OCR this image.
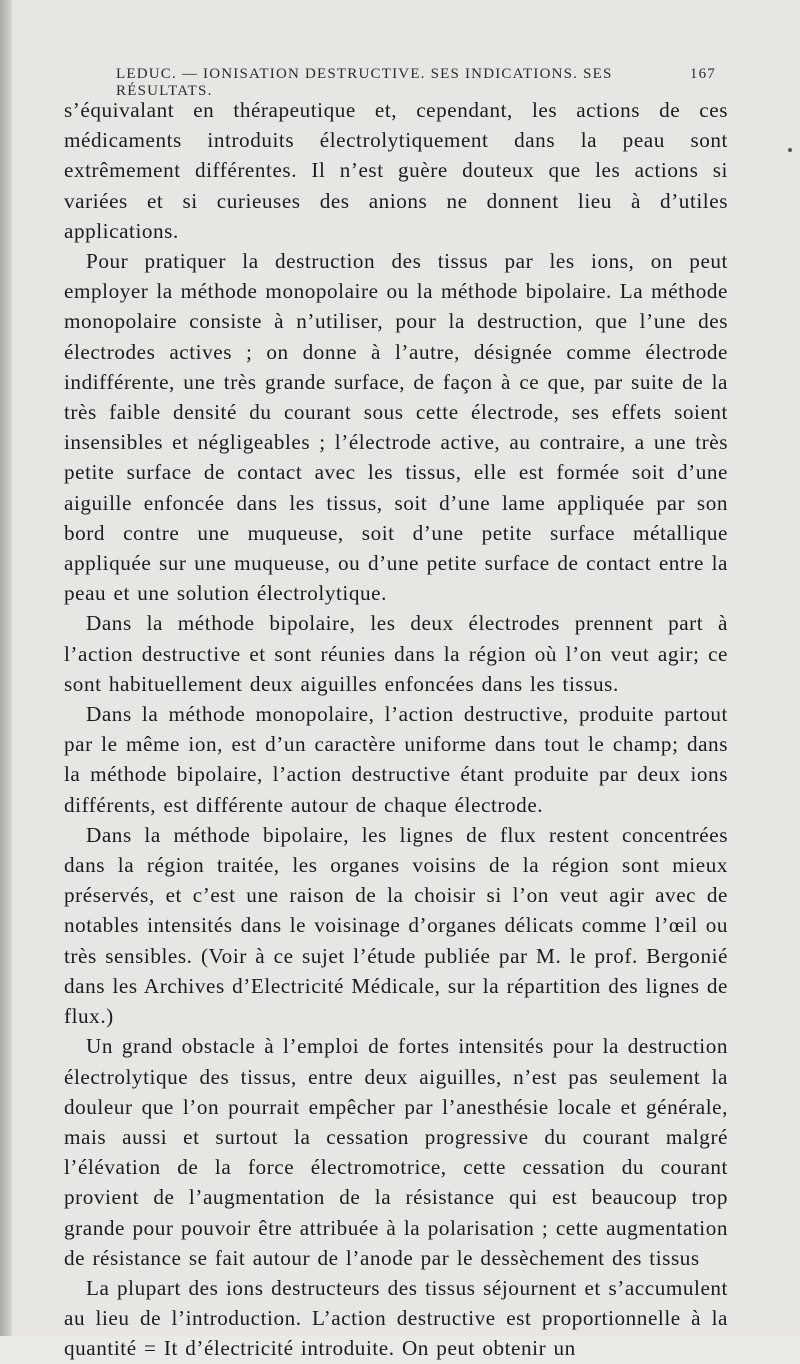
LEDUC. — IONISATION DESTRUCTIVE. SES INDICATIONS. SES RÉSULTATS.
167

s’équivalant en thérapeutique et, cependant, les actions de ces médicaments introduits électrolytiquement dans la peau sont extrêmement différentes. Il n’est guère douteux que les actions si variées et si curieuses des anions ne donnent lieu à d’utiles applications.

Pour pratiquer la destruction des tissus par les ions, on peut employer la méthode monopolaire ou la méthode bipolaire. La méthode monopolaire consiste à n’utiliser, pour la destruction, que l’une des électrodes actives ; on donne à l’autre, désignée comme électrode indifférente, une très grande surface, de façon à ce que, par suite de la très faible densité du courant sous cette électrode, ses effets soient insensibles et négligeables ; l’électrode active, au contraire, a une très petite surface de contact avec les tissus, elle est formée soit d’une aiguille enfoncée dans les tissus, soit d’une lame appliquée par son bord contre une muqueuse, soit d’une petite surface métallique appliquée sur une muqueuse, ou d’une petite surface de contact entre la peau et une solution électrolytique.

Dans la méthode bipolaire, les deux électrodes prennent part à l’action destructive et sont réunies dans la région où l’on veut agir; ce sont habituellement deux aiguilles enfoncées dans les tissus.

Dans la méthode monopolaire, l’action destructive, produite partout par le même ion, est d’un caractère uniforme dans tout le champ; dans la méthode bipolaire, l’action destructive étant produite par deux ions différents, est différente autour de chaque électrode.

Dans la méthode bipolaire, les lignes de flux restent concentrées dans la région traitée, les organes voisins de la région sont mieux préservés, et c’est une raison de la choisir si l’on veut agir avec de notables intensités dans le voisinage d’organes délicats comme l’œil ou très sensibles. (Voir à ce sujet l’étude publiée par M. le prof. Bergonié dans les Archives d’Electricité Médicale, sur la répartition des lignes de flux.)

Un grand obstacle à l’emploi de fortes intensités pour la destruction électrolytique des tissus, entre deux aiguilles, n’est pas seulement la douleur que l’on pourrait empêcher par l’anesthésie locale et générale, mais aussi et surtout la cessation progressive du courant malgré l’élévation de la force électromotrice, cette cessation du courant provient de l’augmentation de la résistance qui est beaucoup trop grande pour pouvoir être attribuée à la polarisation ; cette augmentation de résistance se fait autour de l’anode par le dessèchement des tissus

La plupart des ions destructeurs des tissus séjournent et s’accumulent au lieu de l’introduction. L’action destructive est proportionnelle à la quantité = It d’électricité introduite. On peut obtenir un
